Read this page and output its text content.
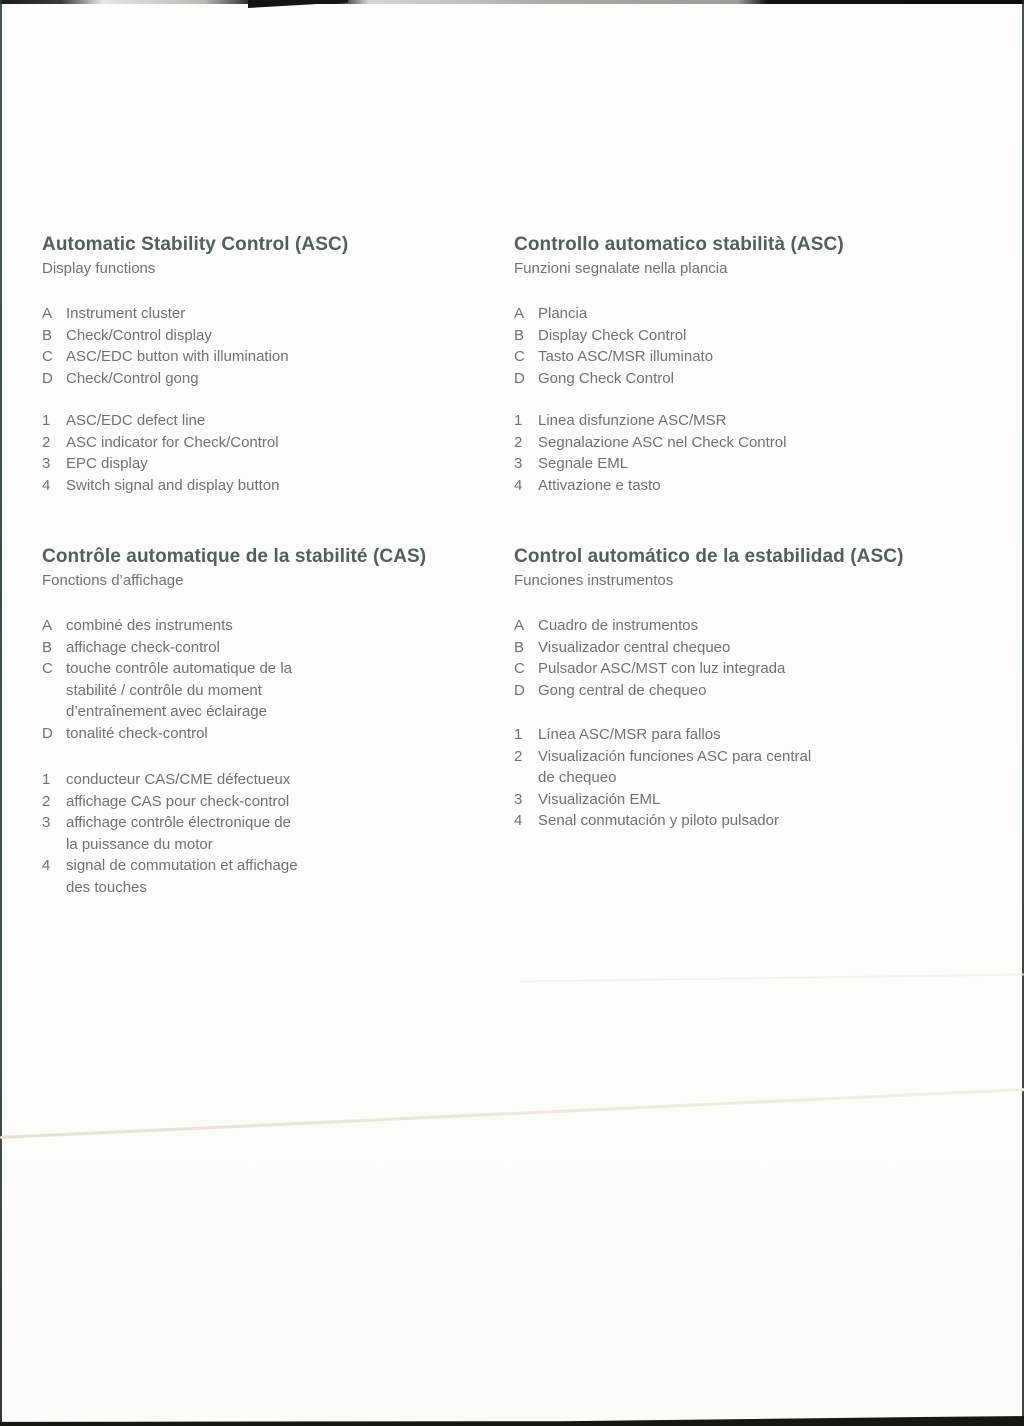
Automatic Stability Control (ASC)

Display functions

A Instrument cluster
B Check/Control display
C ASC/EDC button with illumination
D Check/Control gong
1	ASC/EDC defect line
2	ASC indicator for Check/Control
3	EPC display
4	Switch signal and display button
Controllo automatico stabilità (ASC)

Funzioni segnalate nella plancia

A Plancia
B Display Check Control
C Tasto ASC/MSR illuminato
D Gong Check Control
1	Linea disfunzione ASC/MSR
2	Segnalazione ASC nel Check Control
3	Segnale EML
4	Attivazione e tasto
Contrôle automatique de la stabilité (CAS)

Fonctions d’affichage

A combiné des instruments
B affichage check-control
C touche contrôle automatique de la
stabilité / contrôle du moment
d’entraînement avec éclairage
D tonalité check-control
1	conducteur CAS/CME défectueux
2	affichage CAS pour check-control
3	affichage contrôle électronique de
la puissance du motor
4	signal de commutation et affichage
des touches
Control automático de la estabilidad (ASC)

Funciones instrumentos

A Cuadro de instrumentos
B Visualizador central chequeo
C Pulsador ASC/MST con luz integrada
D Gong central de chequeo
1	Línea ASC/MSR para fallos
2	Visualización funciones ASC para central
de chequeo
3	Visualización EML
4	Senal conmutación y piloto pulsador
